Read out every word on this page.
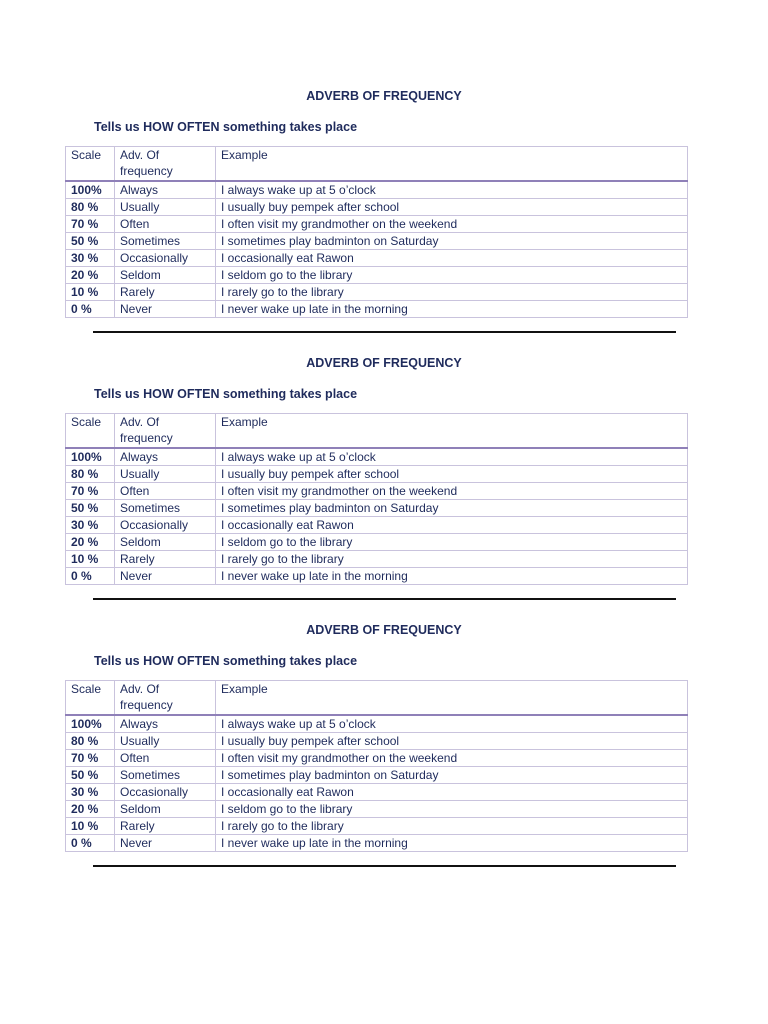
ADVERB OF FREQUENCY
Tells us HOW OFTEN something takes place
Scale	Adv. Of frequency	Example
100%	Always	I always wake up at 5 o’clock
80 %	Usually	I usually buy pempek after school
70 %	Often	I often visit my grandmother on the weekend
50 %	Sometimes	I sometimes play badminton on Saturday
30 %	Occasionally	I occasionally eat Rawon
20 %	Seldom	I seldom go to the library
10 %	Rarely	I rarely go to the library
0 %	Never	I never wake up late in the morning
ADVERB OF FREQUENCY
Tells us HOW OFTEN something takes place
Scale	Adv. Of frequency	Example
100%	Always	I always wake up at 5 o’clock
80 %	Usually	I usually buy pempek after school
70 %	Often	I often visit my grandmother on the weekend
50 %	Sometimes	I sometimes play badminton on Saturday
30 %	Occasionally	I occasionally eat Rawon
20 %	Seldom	I seldom go to the library
10 %	Rarely	I rarely go to the library
0 %	Never	I never wake up late in the morning
ADVERB OF FREQUENCY
Tells us HOW OFTEN something takes place
Scale	Adv. Of frequency	Example
100%	Always	I always wake up at 5 o’clock
80 %	Usually	I usually buy pempek after school
70 %	Often	I often visit my grandmother on the weekend
50 %	Sometimes	I sometimes play badminton on Saturday
30 %	Occasionally	I occasionally eat Rawon
20 %	Seldom	I seldom go to the library
10 %	Rarely	I rarely go to the library
0 %	Never	I never wake up late in the morning
